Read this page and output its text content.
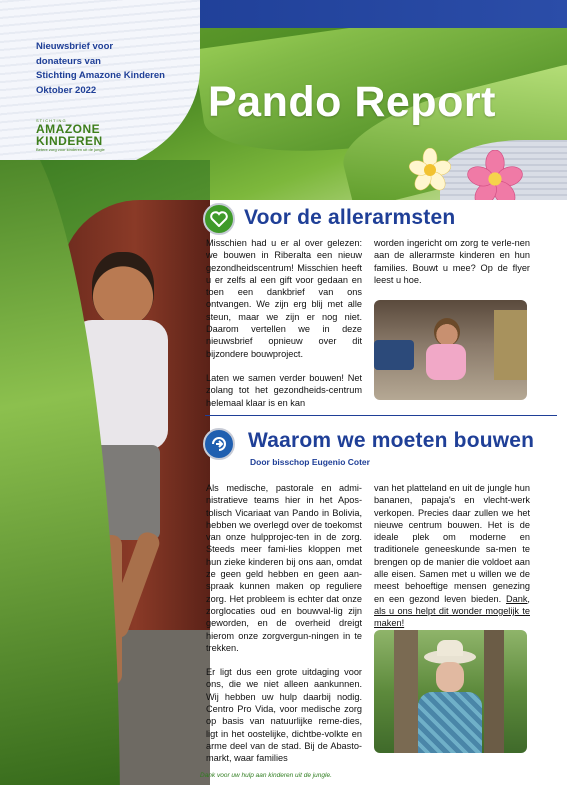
Nieuwsbrief voor
donateurs van
Stichting Amazone Kinderen
Oktober 2022
STICHTING
AMAZONE KINDEREN
Betere zorg voor kinderen uit de jungle
Pando Report
Voor de allerarmsten

Misschien had u er al over gelezen: we bouwen in Riberalta een nieuw gezondheidscentrum! Misschien heeft u er zelfs al een gift voor gedaan en toen een dankbrief van ons ontvangen. We zijn erg blij met alle steun, maar we zijn er nog niet. Daarom vertellen we in deze nieuwsbrief opnieuw over dit bijzondere bouwproject.

Laten we samen verder bouwen! Net zolang tot het gezondheids-centrum helemaal klaar is en kan

worden ingericht om zorg te verle-nen aan de allerarmste kinderen en hun families. Bouwt u mee? Op de flyer leest u hoe.

Waarom we moeten bouwen
Door bisschop Eugenio Coter

Als medische, pastorale en admi-nistratieve teams hier in het Apos-tolisch Vicariaat van Pando in Bolivia, hebben we overlegd over de toekomst van onze hulpprojec-ten in de zorg. Steeds meer fami-lies kloppen met hun zieke kinderen bij ons aan, omdat ze geen geld hebben en geen aan-spraak kunnen maken op reguliere zorg. Het probleem is echter dat onze zorglocaties oud en bouwval-lig zijn geworden, en de overheid dreigt hierom onze zorgvergun-ningen in te trekken.

Er ligt dus een grote uitdaging voor ons, die we niet alleen aankunnen. Wij hebben uw hulp daarbij nodig. Centro Pro Vida, voor medische zorg op basis van natuurlijke reme-dies, ligt in het oostelijke, dichtbe-volkte en arme deel van de stad. Bij de Abasto-markt, waar families

van het platteland en uit de jungle hun bananen, papaja's en vlecht-werk verkopen. Precies daar zullen we het nieuwe centrum bouwen. Het is de ideale plek om moderne en traditionele geneeskunde sa-men te brengen op de manier die voldoet aan alle eisen. Samen met u willen we de meest behoeftige mensen genezing en een gezond leven bieden. Dank, als u ons helpt dit wonder mogelijk te maken!

Dank voor uw hulp aan kinderen uit de jungle.
